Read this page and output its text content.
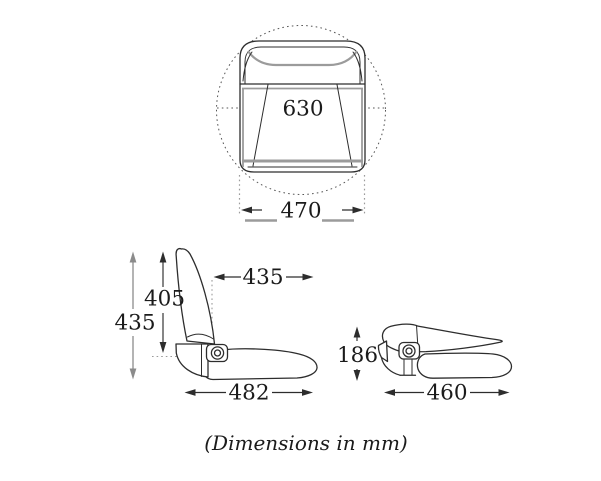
630
470
435
405
435
482
186
460
(Dimensions in mm)
